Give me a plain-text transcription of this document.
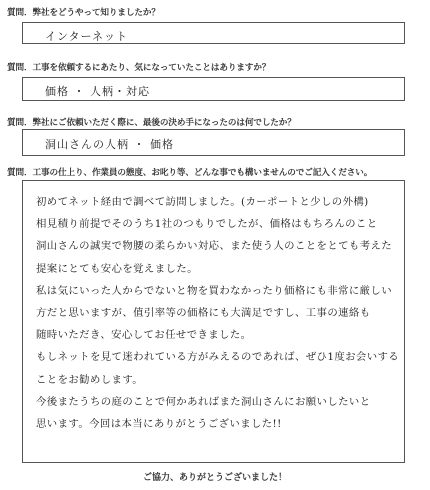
質問．弊社をどうやって知りましたか？
インターネット
質問．工事を依頼するにあたり、気になっていたことはありますか？
価格 ・ 人柄・対応
質問．弊社にご依頼いただく際に、最後の決め手になったのは何でしたか？
洞山さんの人柄 ・ 価格
質問．工事の仕上り、作業員の態度、お叱り等、どんな事でも構いませんのでご記入ください。
初めてネット経由で調べて訪問しました。(カーポートと少しの外構)
相見積り前提でそのうち1社のつもりでしたが、価格はもちろんのこと
洞山さんの誠実で物腰の柔らかい対応、また使う人のことをとても考えた
提案にとても安心を覚えました。
私は気にいった人からでないと物を買わなかったり価格にも非常に厳しい
方だと思いますが、值引率等の価格にも大満足ですし、工事の連絡も
随時いただき、安心してお任せできました。
もしネットを見て迷われている方がみえるのであれば、ぜひ1度お会いする
ことをお勧めします。
今後またうちの庭のことで何かあればまた洞山さんにお願いしたいと
思います。今回は本当にありがとうございました!!
ご協力、ありがとうございました！
